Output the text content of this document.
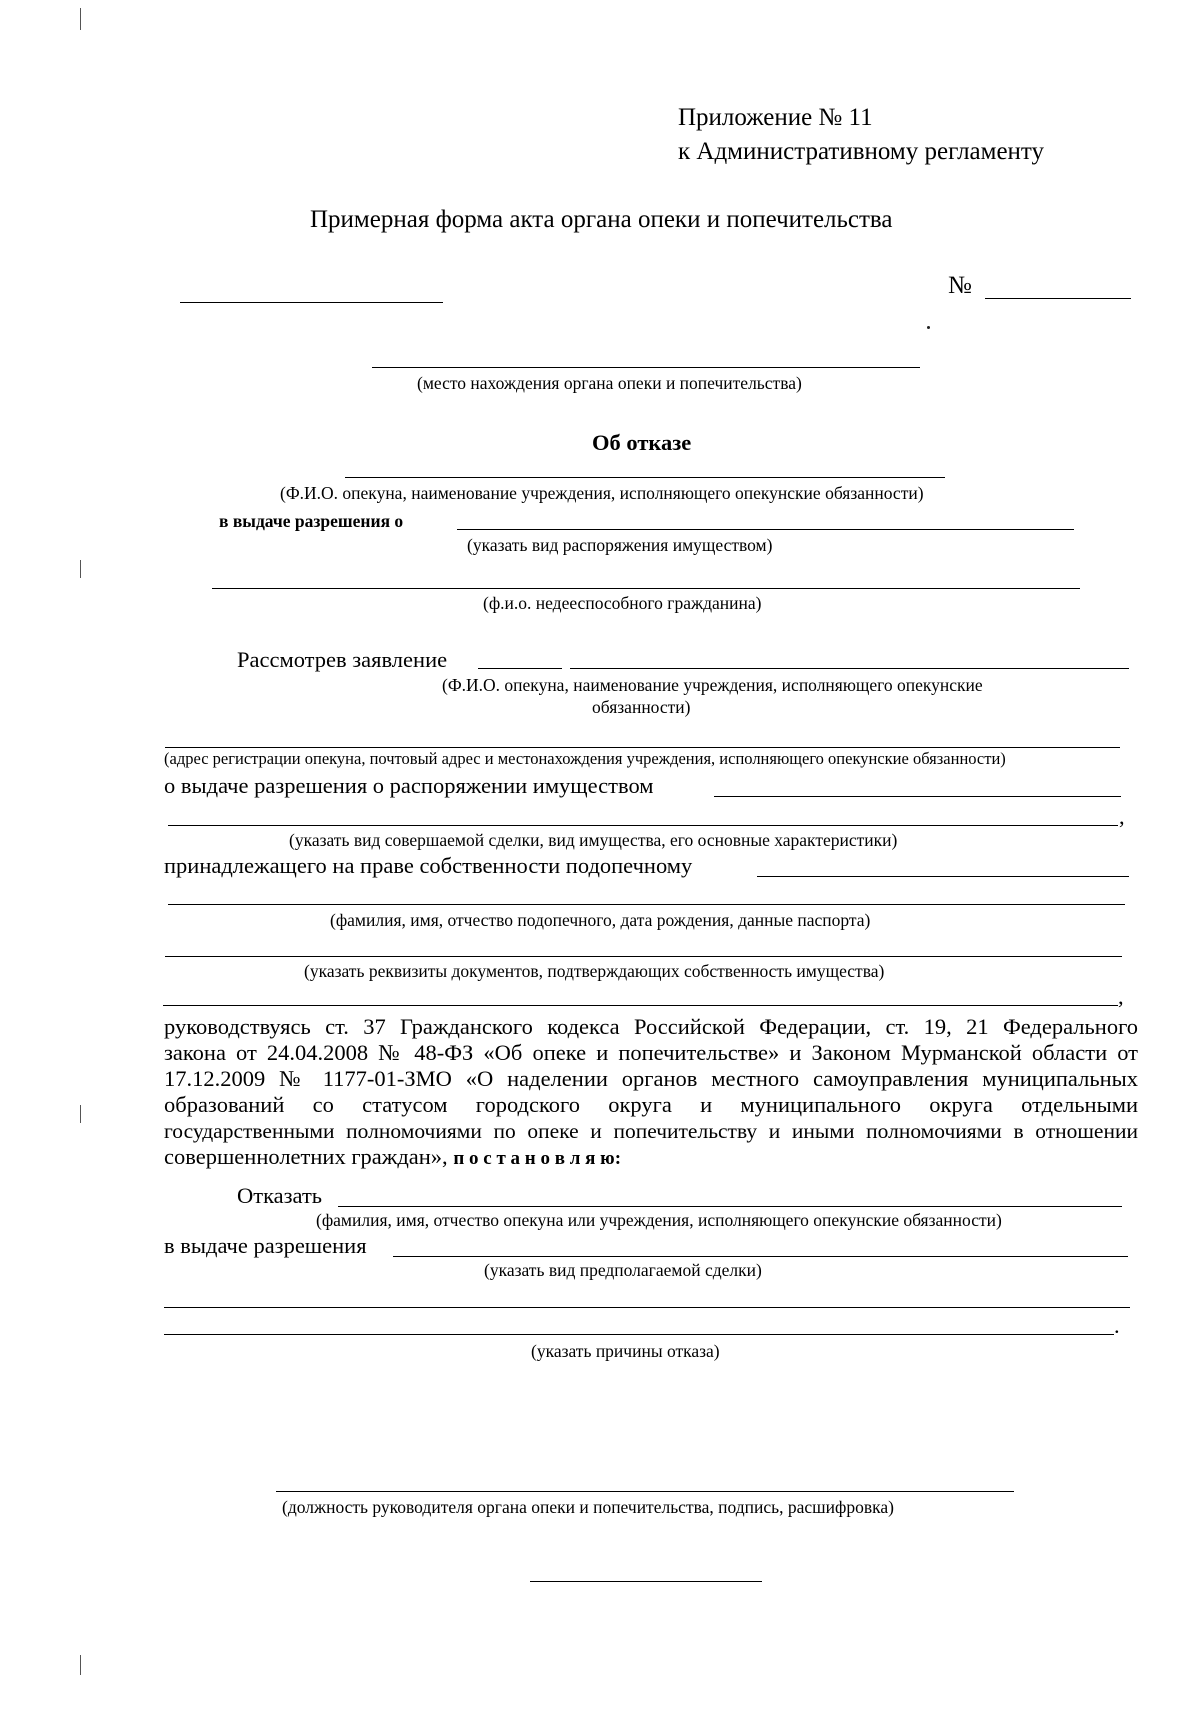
Приложение № 11
к Административному регламенту
Примерная форма акта органа опеки и попечительства
№
(место нахождения органа опеки и попечительства)
Об отказе
(Ф.И.О. опекуна, наименование учреждения, исполняющего опекунские обязанности)
в выдаче разрешения о
(указать вид распоряжения имуществом)
(ф.и.о. недееспособного гражданина)
Рассмотрев заявление
(Ф.И.О. опекуна, наименование учреждения, исполняющего опекунские
обязанности)
(адрес регистрации опекуна, почтовый адрес и местонахождения учреждения, исполняющего опекунские обязанности)
о выдаче разрешения о распоряжении имуществом
,
(указать вид совершаемой сделки, вид имущества, его основные характеристики)
принадлежащего на праве собственности подопечному
(фамилия, имя, отчество подопечного, дата рождения, данные паспорта)
(указать реквизиты документов, подтверждающих собственность имущества)
,
руководствуясь ст. 37 Гражданского кодекса Российской Федерации, ст. 19, 21 Федерального
закона от 24.04.2008 № 48-ФЗ «Об опеке и попечительстве» и Законом Мурманской области от
17.12.2009 № 1177-01-ЗМО «О наделении органов местного самоуправления муниципальных
образований со статусом городского округа и муниципального округа отдельными
государственными полномочиями по опеке и попечительству и иными полномочиями в отношении
совершеннолетних граждан», п о с т а н о в л я ю:
Отказать
(фамилия, имя, отчество опекуна или учреждения, исполняющего опекунские обязанности)
в выдаче разрешения
(указать вид предполагаемой сделки)
.
(указать причины отказа)
(должность руководителя органа опеки и попечительства, подпись, расшифровка)
